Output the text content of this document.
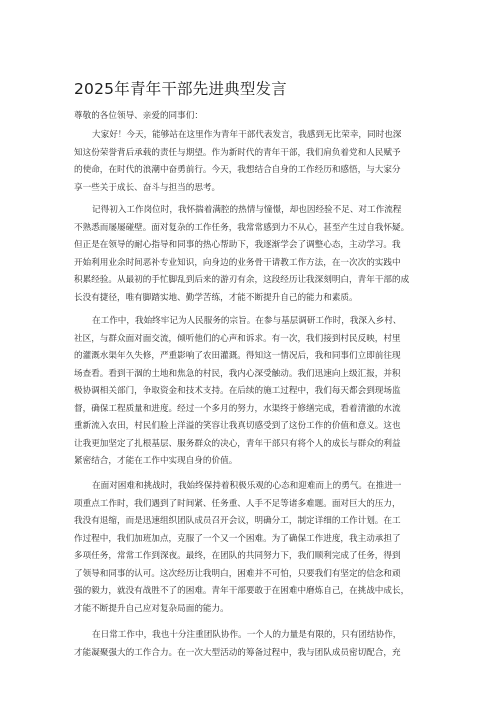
2025年青年干部先进典型发言
尊敬的各位领导、亲爱的同事们：
大家好！今天，能够站在这里作为青年干部代表发言，我感到无比荣幸，同时也深
知这份荣誉背后承载的责任与期望。作为新时代的青年干部，我们肩负着党和人民赋予
的使命，在时代的浪潮中奋勇前行。今天，我想结合自身的工作经历和感悟，与大家分
享一些关于成长、奋斗与担当的思考。
记得初入工作岗位时，我怀揣着满腔的热情与憧憬，却也因经验不足、对工作流程
不熟悉而屡屡碰壁。面对复杂的工作任务，我常常感到力不从心，甚至产生过自我怀疑。
但正是在领导的耐心指导和同事的热心帮助下，我逐渐学会了调整心态，主动学习。我
开始利用业余时间恶补专业知识，向身边的业务骨干请教工作方法，在一次次的实践中
积累经验。从最初的手忙脚乱到后来的游刃有余，这段经历让我深刻明白，青年干部的成
长没有捷径，唯有脚踏实地、勤学苦练，才能不断提升自己的能力和素质。
在工作中，我始终牢记为人民服务的宗旨。在参与基层调研工作时，我深入乡村、
社区，与群众面对面交流，倾听他们的心声和诉求。有一次，我们接到村民反映，村里
的灌溉水渠年久失修，严重影响了农田灌溉。得知这一情况后，我和同事们立即前往现
场查看。看到干涸的土地和焦急的村民，我内心深受触动。我们迅速向上级汇报，并积
极协调相关部门，争取资金和技术支持。在后续的施工过程中，我们每天都会到现场监
督，确保工程质量和进度。经过一个多月的努力，水渠终于修缮完成，看着清澈的水流
重新流入农田，村民们脸上洋溢的笑容让我真切感受到了这份工作的价值和意义。这也
让我更加坚定了扎根基层、服务群众的决心，青年干部只有将个人的成长与群众的利益
紧密结合，才能在工作中实现自身的价值。
在面对困难和挑战时，我始终保持着积极乐观的心态和迎难而上的勇气。在推进一
项重点工作时，我们遇到了时间紧、任务重、人手不足等诸多难题。面对巨大的压力，
我没有退缩，而是迅速组织团队成员召开会议，明确分工，制定详细的工作计划。在工
作过程中，我们加班加点，克服了一个又一个困难。为了确保工作进度，我主动承担了
多项任务，常常工作到深夜。最终，在团队的共同努力下，我们顺利完成了任务，得到
了领导和同事的认可。这次经历让我明白，困难并不可怕，只要我们有坚定的信念和顽
强的毅力，就没有战胜不了的困难。青年干部要敢于在困难中磨炼自己，在挑战中成长，
才能不断提升自己应对复杂局面的能力。
在日常工作中，我也十分注重团队协作。一个人的力量是有限的，只有团结协作，
才能凝聚强大的工作合力。在一次大型活动的筹备过程中，我与团队成员密切配合，充
